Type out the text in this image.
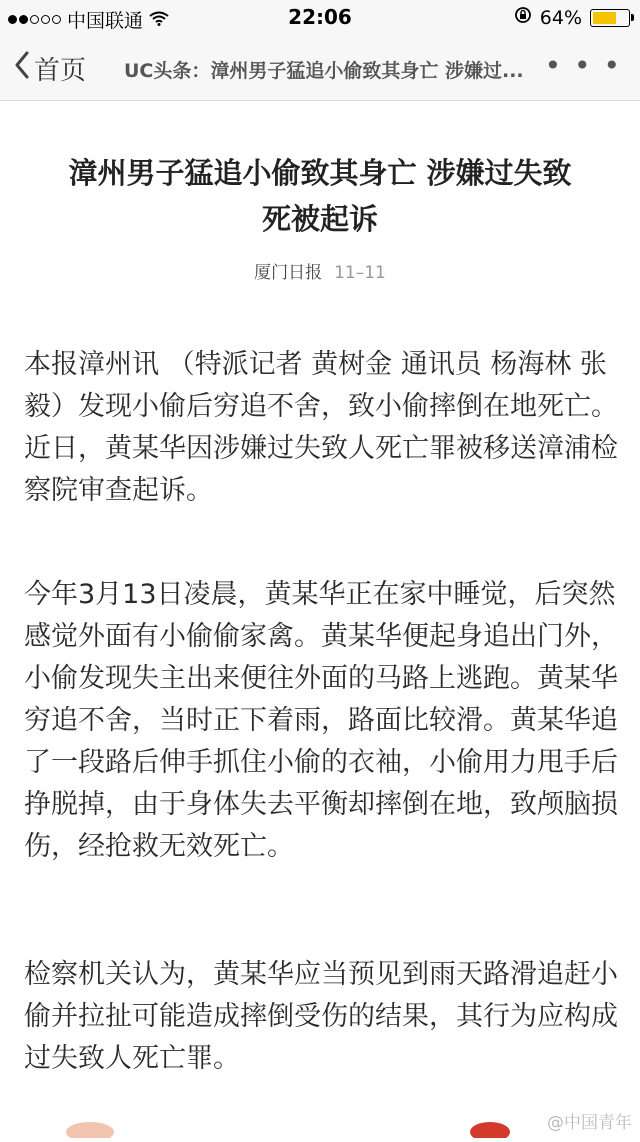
中国联通	22:06	64%
首页 UC头条：漳州男子猛追小偷致其身亡 涉嫌过... • • •
漳州男子猛追小偷致其身亡 涉嫌过失致死被起诉
厦门日报 11–11

本报漳州讯 （特派记者 黄树金 通讯员 杨海林 张毅）发现小偷后穷追不舍，致小偷摔倒在地死亡。近日，黄某华因涉嫌过失致人死亡罪被移送漳浦检察院审查起诉。

今年3月13日凌晨，黄某华正在家中睡觉，后突然感觉外面有小偷偷家禽。黄某华便起身追出门外，小偷发现失主出来便往外面的马路上逃跑。黄某华穷追不舍，当时正下着雨，路面比较滑。黄某华追了一段路后伸手抓住小偷的衣袖，小偷用力甩手后挣脱掉，由于身体失去平衡却摔倒在地，致颅脑损伤，经抢救无效死亡。

检察机关认为，黄某华应当预见到雨天路滑追赶小偷并拉扯可能造成摔倒受伤的结果，其行为应构成过失致人死亡罪。

@中国青年
